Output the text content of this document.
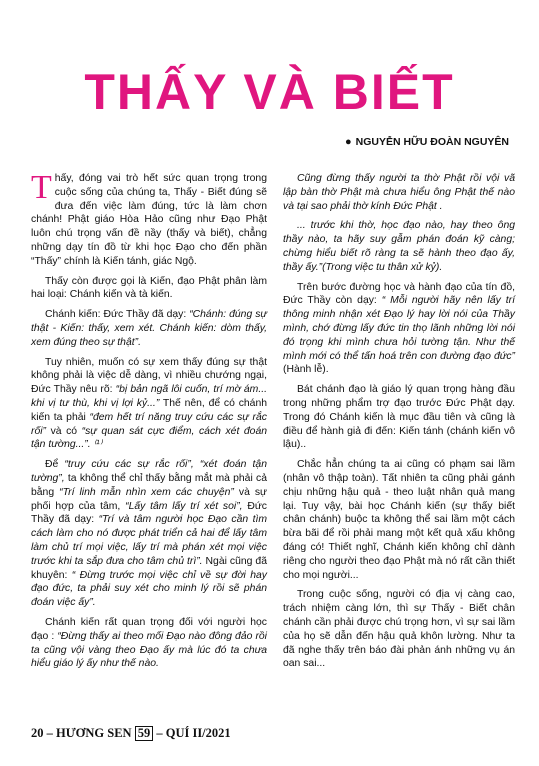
THẤY VÀ BIẾT
● NGUYỄN HỮU ĐOÀN NGUYÊN

Thấy, đóng vai trò hết sức quan trọng trong cuộc sống của chúng ta, Thấy - Biết đúng sẽ đưa đến việc làm đúng, tức là làm chơn chánh! Phật giáo Hòa Hảo cũng như Đạo Phật luôn chú trọng vấn đề nầy (thấy và biết), chẳng những dạy tín đồ từ khi học Đạo cho đến phần “Thấy” chính là Kiến tánh, giác Ngộ.

Thấy còn được gọi là Kiến, đạo Phật phân làm hai loại: Chánh kiến và tà kiến.

Chánh kiến: Đức Thầy đã dạy: “Chánh: đúng sự thật - Kiến: thấy, xem xét. Chánh kiến: dòm thấy, xem đúng theo sự thật”.

Tuy nhiên, muốn có sự xem thấy đúng sự thật không phải là việc dễ dàng, vì nhiều chướng ngại, Đức Thầy nêu rõ: “bị bản ngã lôi cuốn, trí mờ ám... khi vị tư thù, khi vị lợi kỷ...” Thế nên, để có chánh kiến ta phải “đem hết trí năng truy cứu các sự rắc rối” và có “sự quan sát cực điểm, cách xét đoán tận tường...”. ⁽¹⁾

Để “truy cứu các sự rắc rối”, “xét đoán tận tường”, ta không thể chỉ thấy bằng mắt mà phải cả bằng “Trí linh mẫn nhìn xem các chuyện” và sự phối hợp của tâm, “Lấy tâm lấy trí xét soi”, Đức Thầy đã dạy: “Trí và tâm người học Đạo cần tìm cách làm cho nó được phát triển cả hai để lấy tâm làm chủ trí mọi việc, lấy trí mà phán xét mọi việc trước khi ta sắp đưa cho tâm chủ trì”. Ngài cũng đã khuyên: “ Đừng trước mọi việc chỉ về sự đời hay đạo đức, ta phải suy xét cho minh lý rồi sẽ phán đoán việc ấy”.

Chánh kiến rất quan trọng đối với người học đạo : “Đừng thấy ai theo mối Đạo nào đông đảo rồi ta cũng vội vàng theo Đạo ấy mà lúc đó ta chưa hiểu giáo lý ấy như thế nào.

Cũng đừng thấy người ta thờ Phật rồi vội vã lập bàn thờ Phật mà chưa hiểu ông Phật thế nào và tại sao phải thờ kính Đức Phật .

... trước khi thờ, học đạo nào, hay theo ông thầy nào, ta hãy suy gẫm phán đoán kỹ càng; chừng hiểu biết rõ ràng ta sẽ hành theo đạo ấy, thầy ấy.”(Trong việc tu thân xử kỷ).

Trên bước đường học và hành đạo của tín đồ, Đức Thầy còn dạy: “ Mỗi người hãy nên lấy trí thông minh nhận xét Đạo lý hay lời nói của Thầy mình, chớ đừng lấy đức tin thọ lãnh những lời nói đó trọng khi mình chưa hỏi tường tận. Như thế mình mới có thể tấn hoá trên con đường đạo đức” (Hành lễ).

Bát chánh đạo là giáo lý quan trọng hàng đầu trong những phẩm trợ đạo trước Đức Phật dạy. Trong đó Chánh kiến là mục đầu tiên và cũng là điều để hành giả đi đến: Kiến tánh (chánh kiến vô lậu)..

Chắc hẳn chúng ta ai cũng có phạm sai lầm (nhân vô thập toàn). Tất nhiên ta cũng phải gánh chịu những hậu quả - theo luật nhân quả mang lại. Tuy vậy, bài học Chánh kiến (sự thấy biết chân chánh) buộc ta không thể sai lầm một cách bừa bãi để rồi phải mang một kết quả xấu không đáng có! Thiết nghĩ, Chánh kiến không chỉ dành riêng cho người theo đạo Phật mà nó rất cần thiết cho mọi người...

Trong cuộc sống, người có địa vị càng cao, trách nhiệm càng lớn, thì sự Thấy - Biết chân chánh cần phải được chú trọng hơn, vì sự sai lầm của họ sẽ dẫn đến hậu quả khôn lường. Như ta đã nghe thấy trên báo đài phản ánh những vụ án oan sai...

20 – HƯƠNG SEN 59 – QUÍ II/2021
